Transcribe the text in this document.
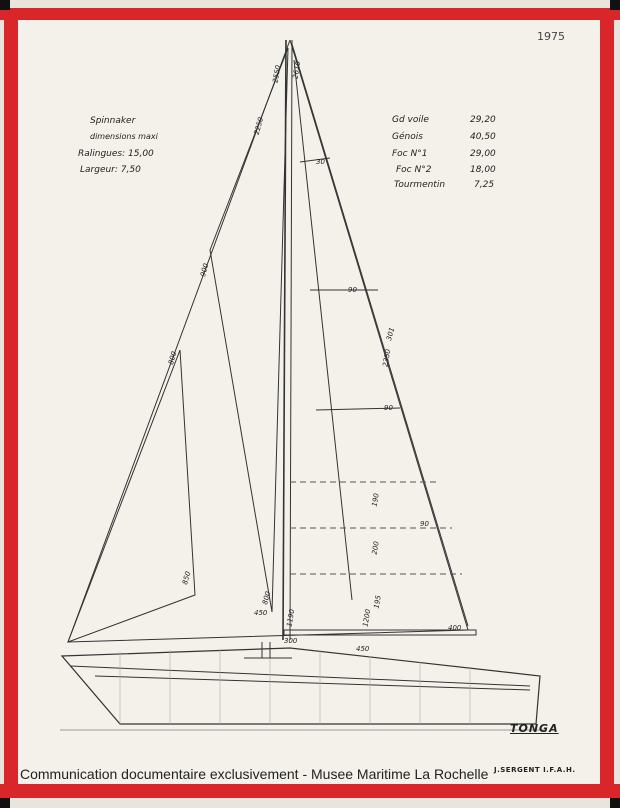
1975
Spinnaker
dimensions maxi
Ralingues: 15,00
Largeur: 7,50
Gd voile	29,20
Génois	40,50
Foc N°1	29,00
Foc N°2	18,00
Tourmentin	7,25
2550 2610
2250
2350
30
90
90
90
301
900
800
850
800
450	1190
300
450
400
1200
190
200
195
TONGA
J.SERGENT I.F.A.H.
Communication documentaire exclusivement - Musee Maritime La Rochelle
